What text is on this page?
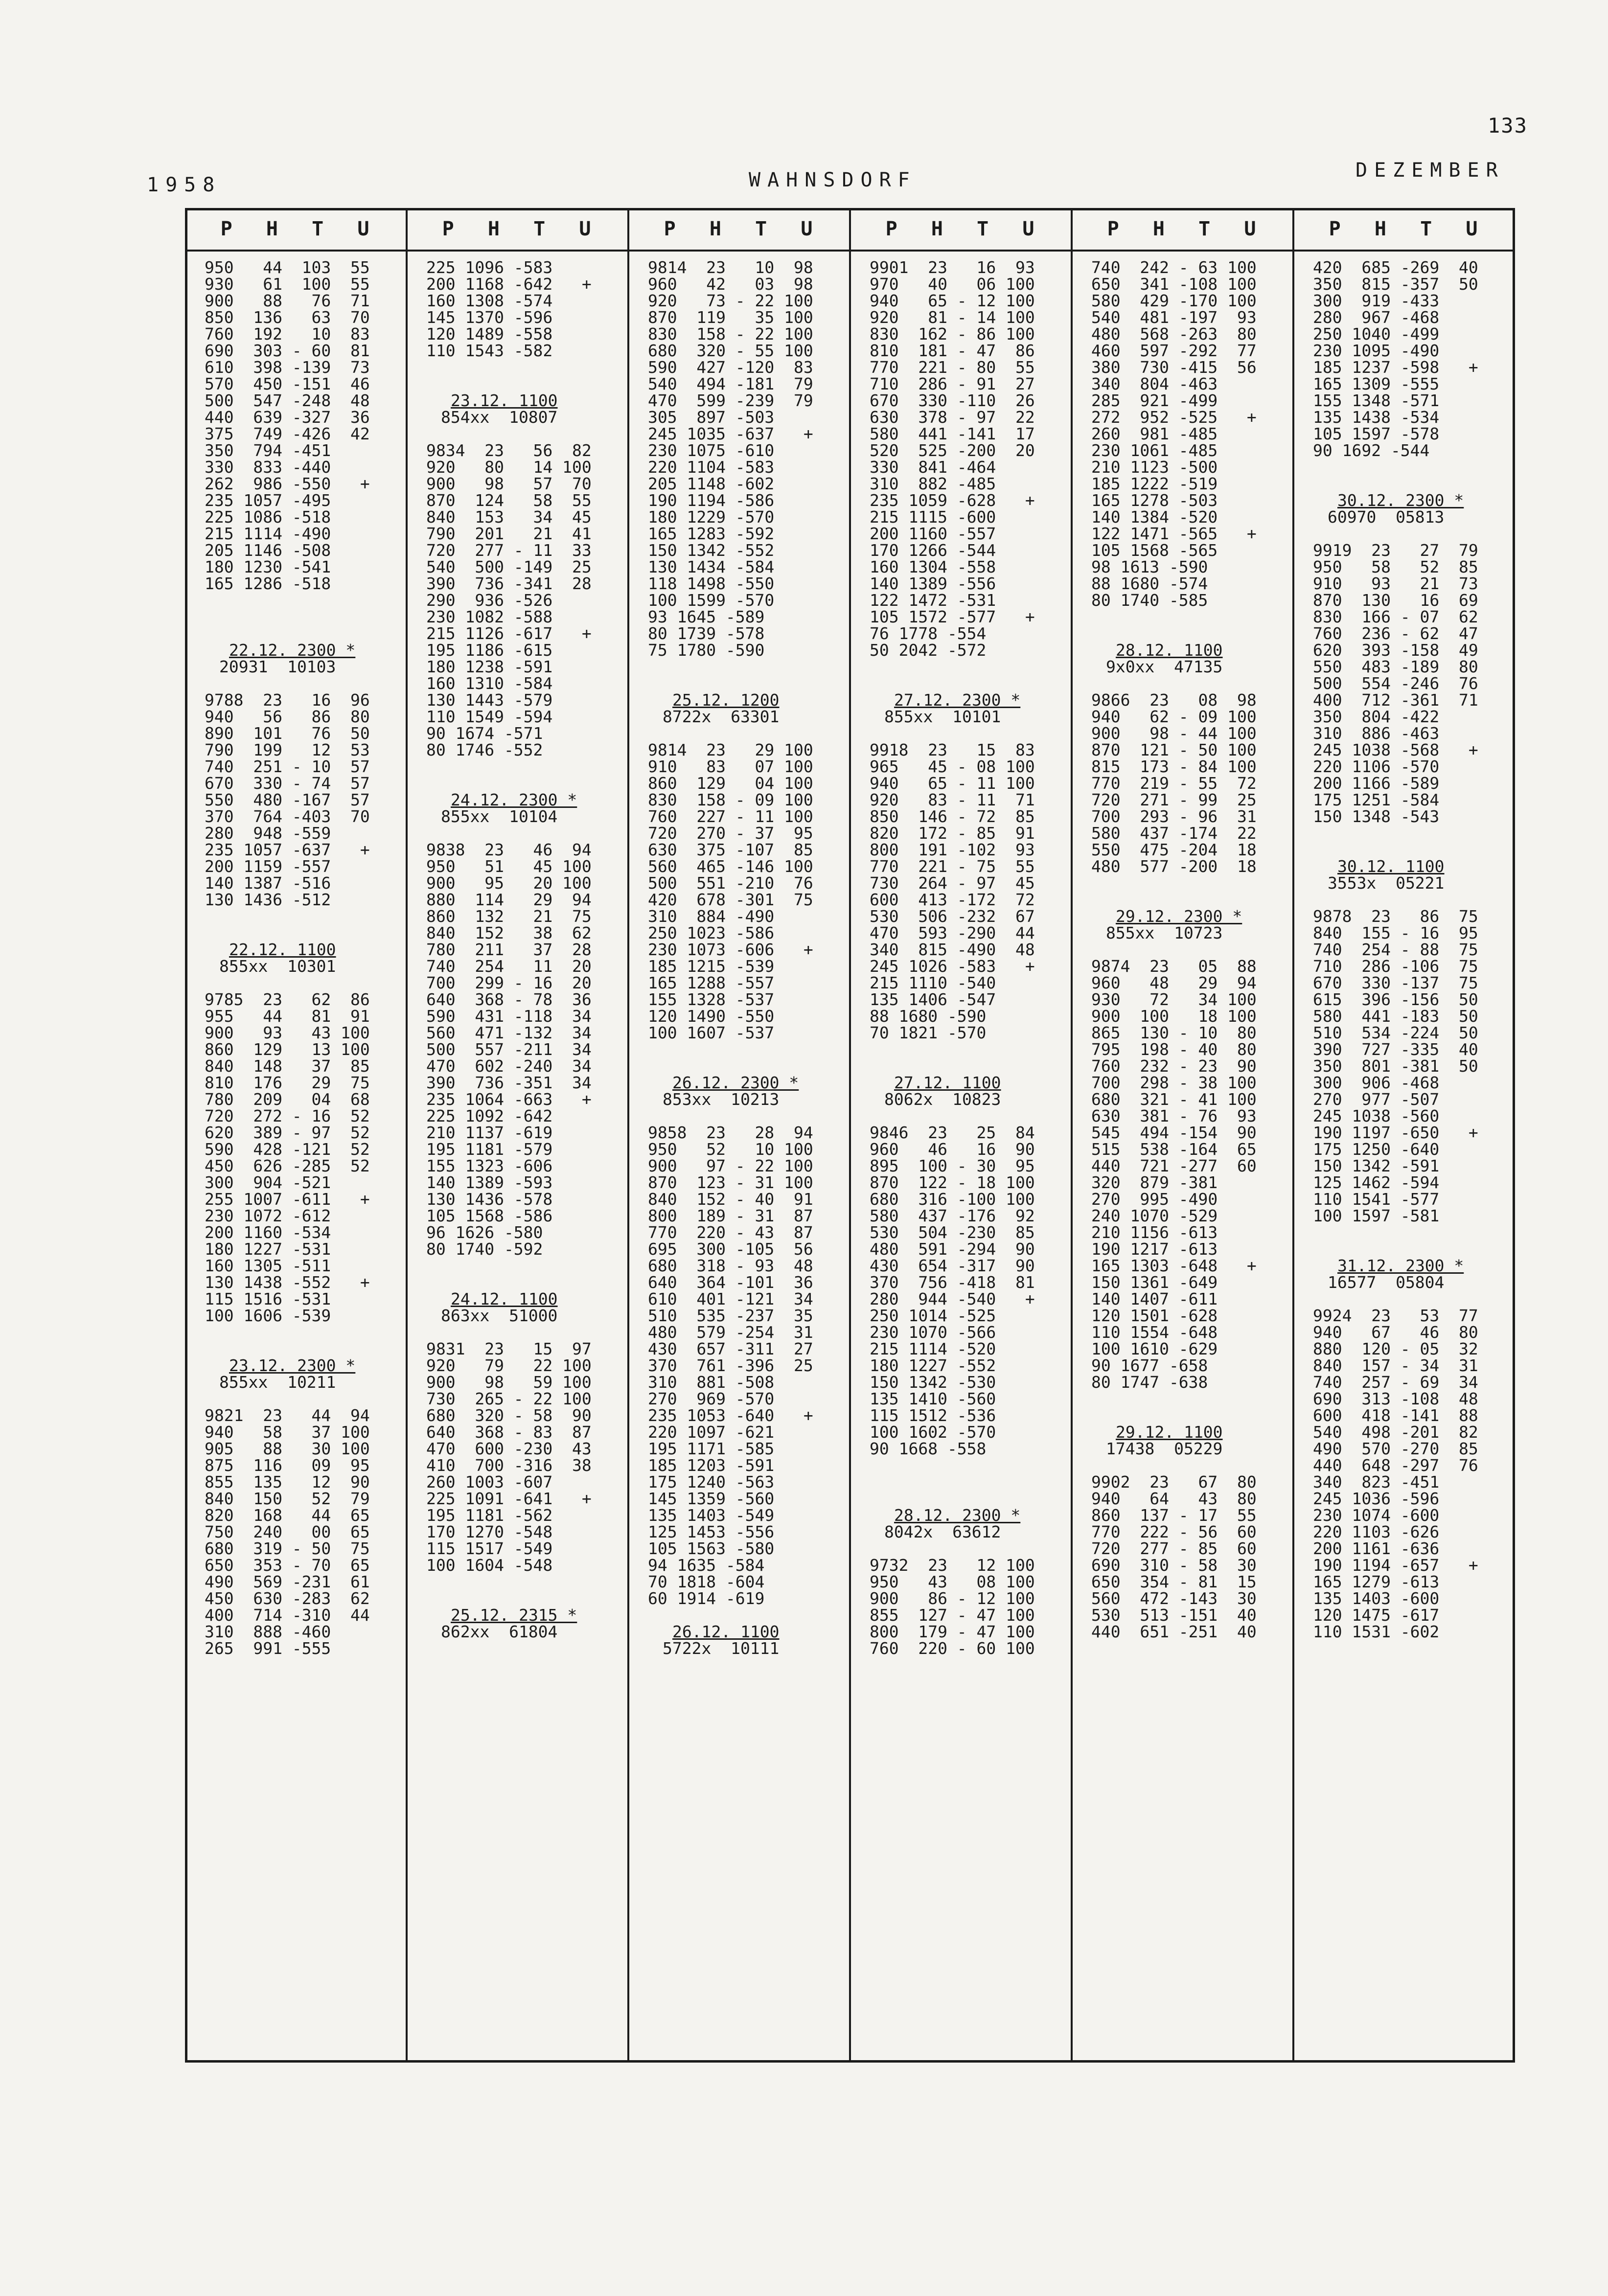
133
1958	WAHNSDORF	DEZEMBER
P H T U
950   44  103  55
930   61  100  55
900   88   76  71
850  136   63  70
760  192   10  83
690  303 - 60  81
610  398 -139  73
570  450 -151  46
500  547 -248  48
440  639 -327  36
375  749 -426  42
350  794 -451
330  833 -440
262  986 -550   +
235 1057 -495
225 1086 -518
215 1114 -490
205 1146 -508
180 1230 -541
165 1286 -518
22.12. 2300 *
20931  10103
9788  23   16  96
940   56   86  80
890  101   76  50
790  199   12  53
740  251 - 10  57
670  330 - 74  57
550  480 -167  57
370  764 -403  70
280  948 -559
235 1057 -637   +
200 1159 -557
140 1387 -516
130 1436 -512
22.12. 1100
855xx  10301
9785  23   62  86
955   44   81  91
900   93   43 100
860  129   13 100
840  148   37  85
810  176   29  75
780  209   04  68
720  272 - 16  52
620  389 - 97  52
590  428 -121  52
450  626 -285  52
300  904 -521
255 1007 -611   +
230 1072 -612
200 1160 -534
180 1227 -531
160 1305 -511
130 1438 -552   +
115 1516 -531
100 1606 -539
23.12. 2300 *
855xx  10211
9821  23   44  94
940   58   37 100
905   88   30 100
875  116   09  95
855  135   12  90
840  150   52  79
820  168   44  65
750  240   00  65
680  319 - 50  75
650  353 - 70  65
490  569 -231  61
450  630 -283  62
400  714 -310  44
310  888 -460
265  991 -555
P H T U
225 1096 -583
200 1168 -642   +
160 1308 -574
145 1370 -596
120 1489 -558
110 1543 -582
23.12. 1100
854xx  10807
9834  23   56  82
920   80   14 100
900   98   57  70
870  124   58  55
840  153   34  45
790  201   21  41
720  277 - 11  33
540  500 -149  25
390  736 -341  28
290  936 -526
230 1082 -588
215 1126 -617   +
195 1186 -615
180 1238 -591
160 1310 -584
130 1443 -579
110 1549 -594
90 1674 -571
80 1746 -552
24.12. 2300 *
855xx  10104
9838  23   46  94
950   51   45 100
900   95   20 100
880  114   29  94
860  132   21  75
840  152   38  62
780  211   37  28
740  254   11  20
700  299 - 16  20
640  368 - 78  36
590  431 -118  34
560  471 -132  34
500  557 -211  34
470  602 -240  34
390  736 -351  34
235 1064 -663   +
225 1092 -642
210 1137 -619
195 1181 -579
155 1323 -606
140 1389 -593
130 1436 -578
105 1568 -586
96 1626 -580
80 1740 -592
24.12. 1100
863xx  51000
9831  23   15  97
920   79   22 100
900   98   59 100
730  265 - 22 100
680  320 - 58  90
640  368 - 83  87
470  600 -230  43
410  700 -316  38
260 1003 -607
225 1091 -641   +
195 1181 -562
170 1270 -548
115 1517 -549
100 1604 -548
25.12. 2315 *
862xx  61804
P H T U
9814  23   10  98
960   42   03  98
920   73 - 22 100
870  119   35 100
830  158 - 22 100
680  320 - 55 100
590  427 -120  83
540  494 -181  79
470  599 -239  79
305  897 -503
245 1035 -637   +
230 1075 -610
220 1104 -583
205 1148 -602
190 1194 -586
180 1229 -570
165 1283 -592
150 1342 -552
130 1434 -584
118 1498 -550
100 1599 -570
93 1645 -589
80 1739 -578
75 1780 -590
25.12. 1200
8722x  63301
9814  23   29 100
910   83   07 100
860  129   04 100
830  158 - 09 100
760  227 - 11 100
720  270 - 37  95
630  375 -107  85
560  465 -146 100
500  551 -210  76
420  678 -301  75
310  884 -490
250 1023 -586
230 1073 -606   +
185 1215 -539
165 1288 -557
155 1328 -537
120 1490 -550
100 1607 -537
26.12. 2300 *
853xx  10213
9858  23   28  94
950   52   10 100
900   97 - 22 100
870  123 - 31 100
840  152 - 40  91
800  189 - 31  87
770  220 - 43  87
695  300 -105  56
680  318 - 93  48
640  364 -101  36
610  401 -121  34
510  535 -237  35
480  579 -254  31
430  657 -311  27
370  761 -396  25
310  881 -508
270  969 -570
235 1053 -640   +
220 1097 -621
195 1171 -585
185 1203 -591
175 1240 -563
145 1359 -560
135 1403 -549
125 1453 -556
105 1563 -580
94 1635 -584
70 1818 -604
60 1914 -619
26.12. 1100
5722x  10111
P H T U
9901  23   16  93
970   40   06 100
940   65 - 12 100
920   81 - 14 100
830  162 - 86 100
810  181 - 47  86
770  221 - 80  55
710  286 - 91  27
670  330 -110  26
630  378 - 97  22
580  441 -141  17
520  525 -200  20
330  841 -464
310  882 -485
235 1059 -628   +
215 1115 -600
200 1160 -557
170 1266 -544
160 1304 -558
140 1389 -556
122 1472 -531
105 1572 -577   +
76 1778 -554
50 2042 -572
27.12. 2300 *
855xx  10101
9918  23   15  83
965   45 - 08 100
940   65 - 11 100
920   83 - 11  71
850  146 - 72  85
820  172 - 85  91
800  191 -102  93
770  221 - 75  55
730  264 - 97  45
600  413 -172  72
530  506 -232  67
470  593 -290  44
340  815 -490  48
245 1026 -583   +
215 1110 -540
135 1406 -547
88 1680 -590
70 1821 -570
27.12. 1100
8062x  10823
9846  23   25  84
960   46   16  90
895  100 - 30  95
870  122 - 18 100
680  316 -100 100
580  437 -176  92
530  504 -230  85
480  591 -294  90
430  654 -317  90
370  756 -418  81
280  944 -540   +
250 1014 -525
230 1070 -566
215 1114 -520
180 1227 -552
150 1342 -530
135 1410 -560
115 1512 -536
100 1602 -570
90 1668 -558
28.12. 2300 *
8042x  63612
9732  23   12 100
950   43   08 100
900   86 - 12 100
855  127 - 47 100
800  179 - 47 100
760  220 - 60 100
P H T U
740  242 - 63 100
650  341 -108 100
580  429 -170 100
540  481 -197  93
480  568 -263  80
460  597 -292  77
380  730 -415  56
340  804 -463
285  921 -499
272  952 -525   +
260  981 -485
230 1061 -485
210 1123 -500
185 1222 -519
165 1278 -503
140 1384 -520
122 1471 -565   +
105 1568 -565
98 1613 -590
88 1680 -574
80 1740 -585
28.12. 1100
9x0xx  47135
9866  23   08  98
940   62 - 09 100
900   98 - 44 100
870  121 - 50 100
815  173 - 84 100
770  219 - 55  72
720  271 - 99  25
700  293 - 96  31
580  437 -174  22
550  475 -204  18
480  577 -200  18
29.12. 2300 *
855xx  10723
9874  23   05  88
960   48   29  94
930   72   34 100
900  100   18 100
865  130 - 10  80
795  198 - 40  80
760  232 - 23  90
700  298 - 38 100
680  321 - 41 100
630  381 - 76  93
545  494 -154  90
515  538 -164  65
440  721 -277  60
320  879 -381
270  995 -490
240 1070 -529
210 1156 -613
190 1217 -613
165 1303 -648   +
150 1361 -649
140 1407 -611
120 1501 -628
110 1554 -648
100 1610 -629
90 1677 -658
80 1747 -638
29.12. 1100
17438  05229
9902  23   67  80
940   64   43  80
860  137 - 17  55
770  222 - 56  60
720  277 - 85  60
690  310 - 58  30
650  354 - 81  15
560  472 -143  30
530  513 -151  40
440  651 -251  40
P H T U
420  685 -269  40
350  815 -357  50
300  919 -433
280  967 -468
250 1040 -499
230 1095 -490
185 1237 -598   +
165 1309 -555
155 1348 -571
135 1438 -534
105 1597 -578
90 1692 -544
30.12. 2300 *
60970  05813
9919  23   27  79
950   58   52  85
910   93   21  73
870  130   16  69
830  166 - 07  62
760  236 - 62  47
620  393 -158  49
550  483 -189  80
500  554 -246  76
400  712 -361  71
350  804 -422
310  886 -463
245 1038 -568   +
220 1106 -570
200 1166 -589
175 1251 -584
150 1348 -543
30.12. 1100
3553x  05221
9878  23   86  75
840  155 - 16  95
740  254 - 88  75
710  286 -106  75
670  330 -137  75
615  396 -156  50
580  441 -183  50
510  534 -224  50
390  727 -335  40
350  801 -381  50
300  906 -468
270  977 -507
245 1038 -560
190 1197 -650   +
175 1250 -640
150 1342 -591
125 1462 -594
110 1541 -577
100 1597 -581
31.12. 2300 *
16577  05804
9924  23   53  77
940   67   46  80
880  120 - 05  32
840  157 - 34  31
740  257 - 69  34
690  313 -108  48
600  418 -141  88
540  498 -201  82
490  570 -270  85
440  648 -297  76
340  823 -451
245 1036 -596
230 1074 -600
220 1103 -626
200 1161 -636
190 1194 -657   +
165 1279 -613
135 1403 -600
120 1475 -617
110 1531 -602
